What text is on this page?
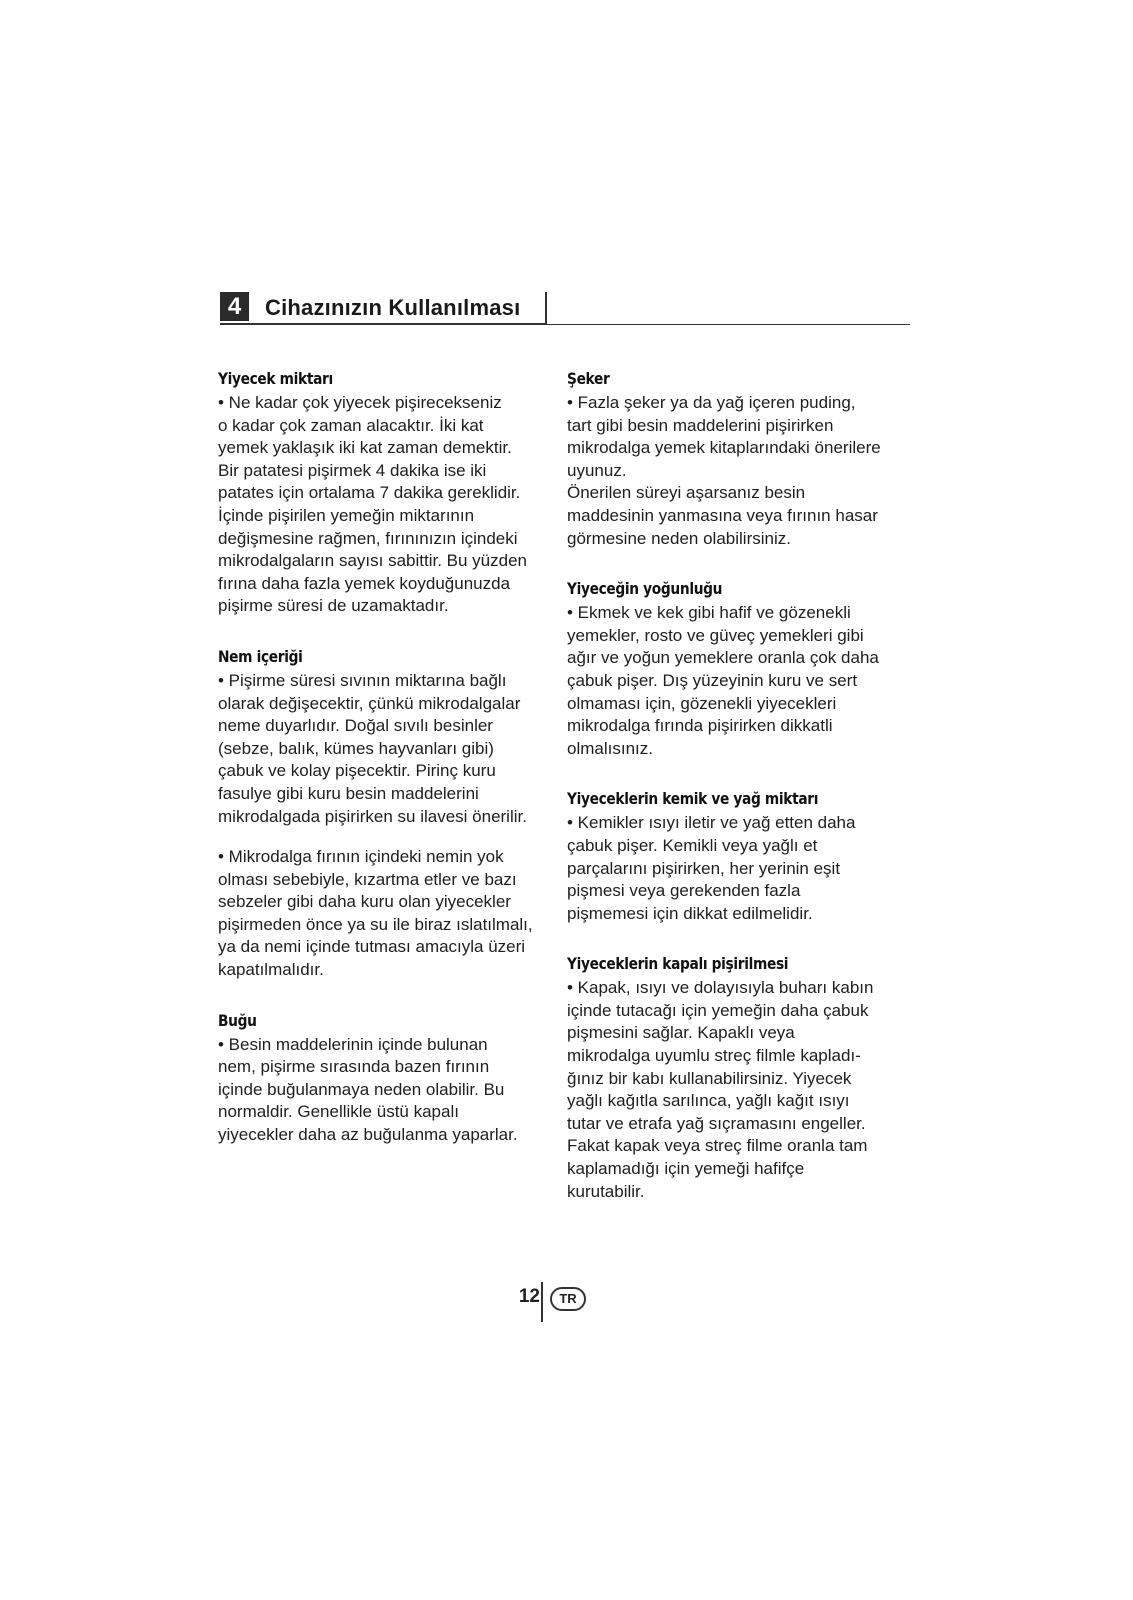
4	Cihazınızın Kullanılması
Yiyecek miktarı

• Ne kadar çok yiyecek pişirecekseniz
o kadar çok zaman alacaktır. İki kat
yemek yaklaşık iki kat zaman demektir.
Bir patatesi pişirmek 4 dakika ise iki
patates için ortalama 7 dakika gereklidir.
İçinde pişirilen yemeğin miktarının
değişmesine rağmen, fırınınızın içindeki
mikrodalgaların sayısı sabittir. Bu yüzden
fırına daha fazla yemek koyduğunuzda
pişirme süresi de uzamaktadır.

Nem içeriği

• Pişirme süresi sıvının miktarına bağlı
olarak değişecektir, çünkü mikrodalgalar
neme duyarlıdır. Doğal sıvılı besinler
(sebze, balık, kümes hayvanları gibi)
çabuk ve kolay pişecektir. Pirinç kuru
fasulye gibi kuru besin maddelerini
mikrodalgada pişirirken su ilavesi önerilir.

• Mikrodalga fırının içindeki nemin yok
olması sebebiyle, kızartma etler ve bazı
sebzeler gibi daha kuru olan yiyecekler
pişirmeden önce ya su ile biraz ıslatılmalı,
ya da nemi içinde tutması amacıyla üzeri
kapatılmalıdır.

Buğu

• Besin maddelerinin içinde bulunan
nem, pişirme sırasında bazen fırının
içinde buğulanmaya neden olabilir. Bu
normaldir. Genellikle üstü kapalı
yiyecekler daha az buğulanma yaparlar.

Şeker

• Fazla şeker ya da yağ içeren puding,
tart gibi besin maddelerini pişirirken
mikrodalga yemek kitaplarındaki önerilere
uyunuz.
Önerilen süreyi aşarsanız besin
maddesinin yanmasına veya fırının hasar
görmesine neden olabilirsiniz.

Yiyeceğin yoğunluğu

• Ekmek ve kek gibi hafif ve gözenekli
yemekler, rosto ve güveç yemekleri gibi
ağır ve yoğun yemeklere oranla çok daha
çabuk pişer. Dış yüzeyinin kuru ve sert
olmaması için, gözenekli yiyecekleri
mikrodalga fırında pişirirken dikkatli
olmalısınız.

Yiyeceklerin kemik ve yağ miktarı

• Kemikler ısıyı iletir ve yağ etten daha
çabuk pişer. Kemikli veya yağlı et
parçalarını pişirirken, her yerinin eşit
pişmesi veya gerekenden fazla
pişmemesi için dikkat edilmelidir.

Yiyeceklerin kapalı pişirilmesi

• Kapak, ısıyı ve dolayısıyla buharı kabın
içinde tutacağı için yemeğin daha çabuk
pişmesini sağlar. Kapaklı veya
mikrodalga uyumlu streç filmle kapladı-
ğınız bir kabı kullanabilirsiniz. Yiyecek
yağlı kağıtla sarılınca, yağlı kağıt ısıyı
tutar ve etrafa yağ sıçramasını engeller.
Fakat kapak veya streç filme oranla tam
kaplamadığı için yemeği hafifçe
kurutabilir.

12	TR
